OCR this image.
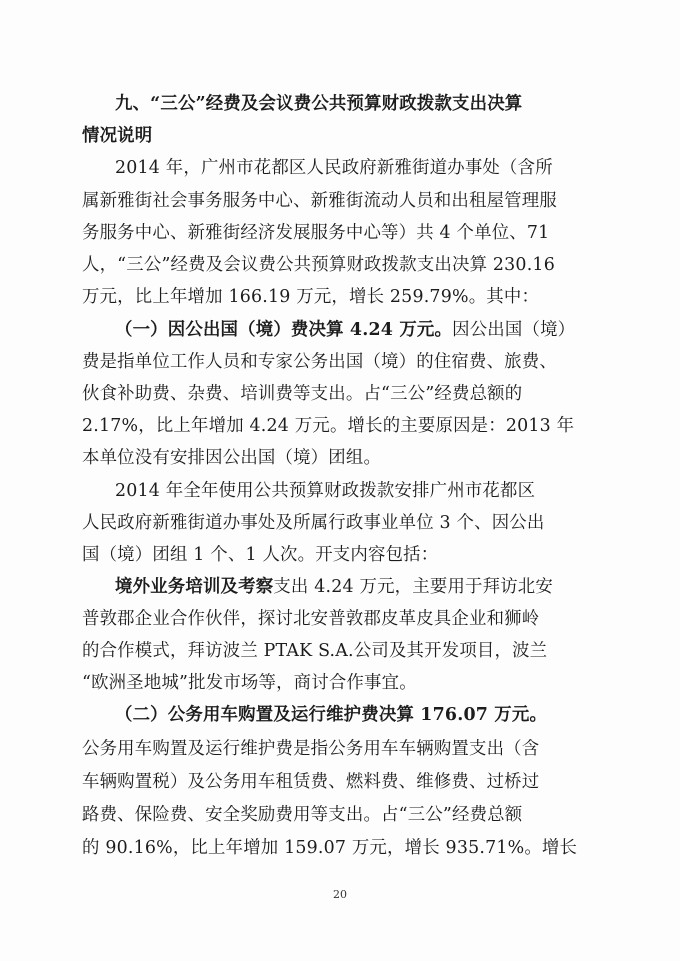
九、“三公”经费及会议费公共预算财政拨款支出决算
情况说明
2014 年，广州市花都区人民政府新雅街道办事处（含所
属新雅街社会事务服务中心、新雅街流动人员和出租屋管理服
务服务中心、新雅街经济发展服务中心等）共 4 个单位、71
人，“三公”经费及会议费公共预算财政拨款支出决算 230.16
万元，比上年增加 166.19 万元，增长 259.79%。其中：
（一）因公出国（境）费决算 4.24 万元。因公出国（境）
费是指单位工作人员和专家公务出国（境）的住宿费、旅费、
伙食补助费、杂费、培训费等支出。占“三公”经费总额的
2.17%，比上年增加 4.24 万元。增长的主要原因是：2013 年
本单位没有安排因公出国（境）团组。
2014 年全年使用公共预算财政拨款安排广州市花都区
人民政府新雅街道办事处及所属行政事业单位 3 个、因公出
国（境）团组 1 个、1 人次。开支内容包括：
境外业务培训及考察支出 4.24 万元，主要用于拜访北安
普敦郡企业合作伙伴，探讨北安普敦郡皮革皮具企业和狮岭
的合作模式，拜访波兰 PTAK S.A.公司及其开发项目，波兰
“欧洲圣地城”批发市场等，商讨合作事宜。
（二）公务用车购置及运行维护费决算 176.07 万元。
公务用车购置及运行维护费是指公务用车车辆购置支出（含
车辆购置税）及公务用车租赁费、燃料费、维修费、过桥过
路费、保险费、安全奖励费用等支出。占“三公”经费总额
的 90.16%，比上年增加 159.07 万元，增长 935.71%。增长
20
